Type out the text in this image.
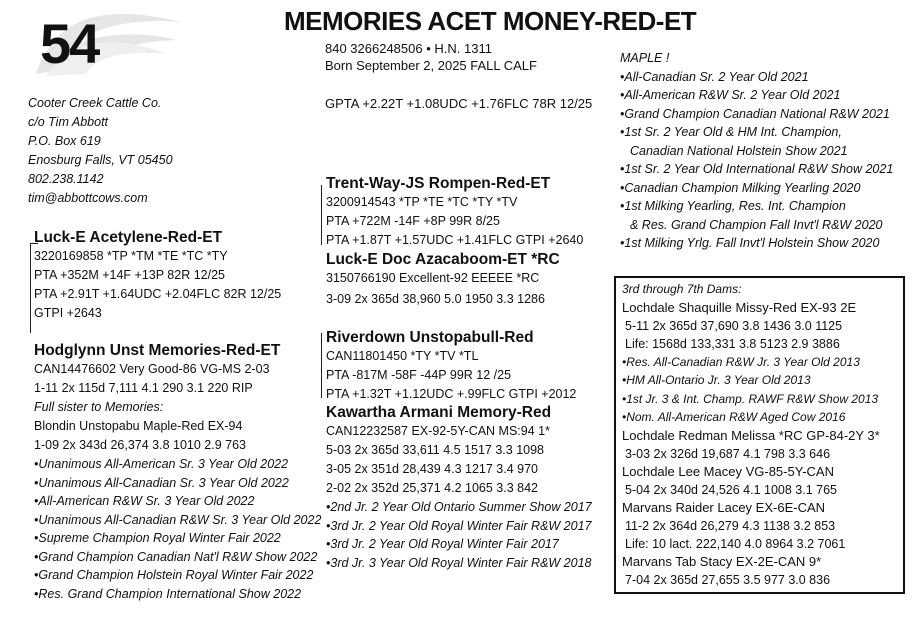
54	MEMORIES ACET MONEY-RED-ET
840 3266248506 • H.N. 1311
Born September 2, 2025 FALL CALF
GPTA +2.22T +1.08UDC +1.76FLC 78R 12/25
Cooter Creek Cattle Co.
c/o Tim Abbott
P.O. Box 619
Enosburg Falls, VT 05450
802.238.1142
tim@abbottcows.com
Luck-E Acetylene-Red-ET
3220169858 *TP *TM *TE *TC *TY
PTA +352M +14F +13P 82R 12/25
PTA +2.91T +1.64UDC +2.04FLC 82R 12/25
GTPI +2643
Hodglynn Unst Memories-Red-ET
CAN14476602 Very Good-86 VG-MS 2-03
1-11 2x 115d 7,111 4.1 290 3.1 220 RIP
Full sister to Memories:
Blondin Unstopabu Maple-Red EX-94
1-09 2x 343d 26,374 3.8 1010 2.9 763
•Unanimous All-American Sr. 3 Year Old 2022
•Unanimous All-Canadian Sr. 3 Year Old 2022
•All-American R&W Sr. 3 Year Old 2022
•Unanimous All-Canadian R&W Sr. 3 Year Old 2022
•Supreme Champion Royal Winter Fair 2022
•Grand Champion Canadian Nat'l R&W Show 2022
•Grand Champion Holstein Royal Winter Fair 2022
•Res. Grand Champion International Show 2022
Trent-Way-JS Rompen-Red-ET
3200914543 *TP *TE *TC *TY *TV
PTA +722M -14F +8P 99R 8/25
PTA +1.87T +1.57UDC +1.41FLC GTPI +2640
Luck-E Doc Azacaboom-ET *RC
3150766190 Excellent-92 EEEEE *RC
3-09 2x 365d 38,960 5.0 1950 3.3 1286
Riverdown Unstopabull-Red
CAN11801450 *TY *TV *TL
PTA -817M -58F -44P 99R 12 /25
PTA +1.32T +1.12UDC +.99FLC GTPI +2012
Kawartha Armani Memory-Red
CAN12232587 EX-92-5Y-CAN MS:94 1*
5-03 2x 365d 33,611 4.5 1517 3.3 1098
3-05 2x 351d 28,439 4.3 1217 3.4 970
2-02 2x 352d 25,371 4.2 1065 3.3 842
•2nd Jr. 2 Year Old Ontario Summer Show 2017
•3rd Jr. 2 Year Old Royal Winter Fair R&W 2017
•3rd Jr. 2 Year Old Royal Winter Fair 2017
•3rd Jr. 3 Year Old Royal Winter Fair R&W 2018
MAPLE !
•All-Canadian Sr. 2 Year Old 2021
•All-American R&W Sr. 2 Year Old 2021
•Grand Champion Canadian National R&W 2021
•1st Sr. 2 Year Old & HM Int. Champion,
Canadian National Holstein Show 2021
•1st Sr. 2 Year Old International R&W Show 2021
•Canadian Champion Milking Yearling 2020
•1st Milking Yearling, Res. Int. Champion
& Res. Grand Champion Fall Invt'l R&W 2020
•1st Milking Yrlg. Fall Invt'l Holstein Show 2020
3rd through 7th Dams:
Lochdale Shaquille Missy-Red EX-93 2E
5-11 2x 365d 37,690 3.8 1436 3.0 1125
Life: 1568d 133,331 3.8 5123 2.9 3886
•Res. All-Canadian R&W Jr. 3 Year Old 2013
•HM All-Ontario Jr. 3 Year Old 2013
•1st Jr. 3 & Int. Champ. RAWF R&W Show 2013
•Nom. All-American R&W Aged Cow 2016
Lochdale Redman Melissa *RC GP-84-2Y 3*
3-03 2x 326d 19,687 4.1 798 3.3 646
Lochdale Lee Macey VG-85-5Y-CAN
5-04 2x 340d 24,526 4.1 1008 3.1 765
Marvans Raider Lacey EX-6E-CAN
11-2 2x 364d 26,279 4.3 1138 3.2 853
Life: 10 lact. 222,140 4.0 8964 3.2 7061
Marvans Tab Stacy EX-2E-CAN 9*
7-04 2x 365d 27,655 3.5 977 3.0 836
